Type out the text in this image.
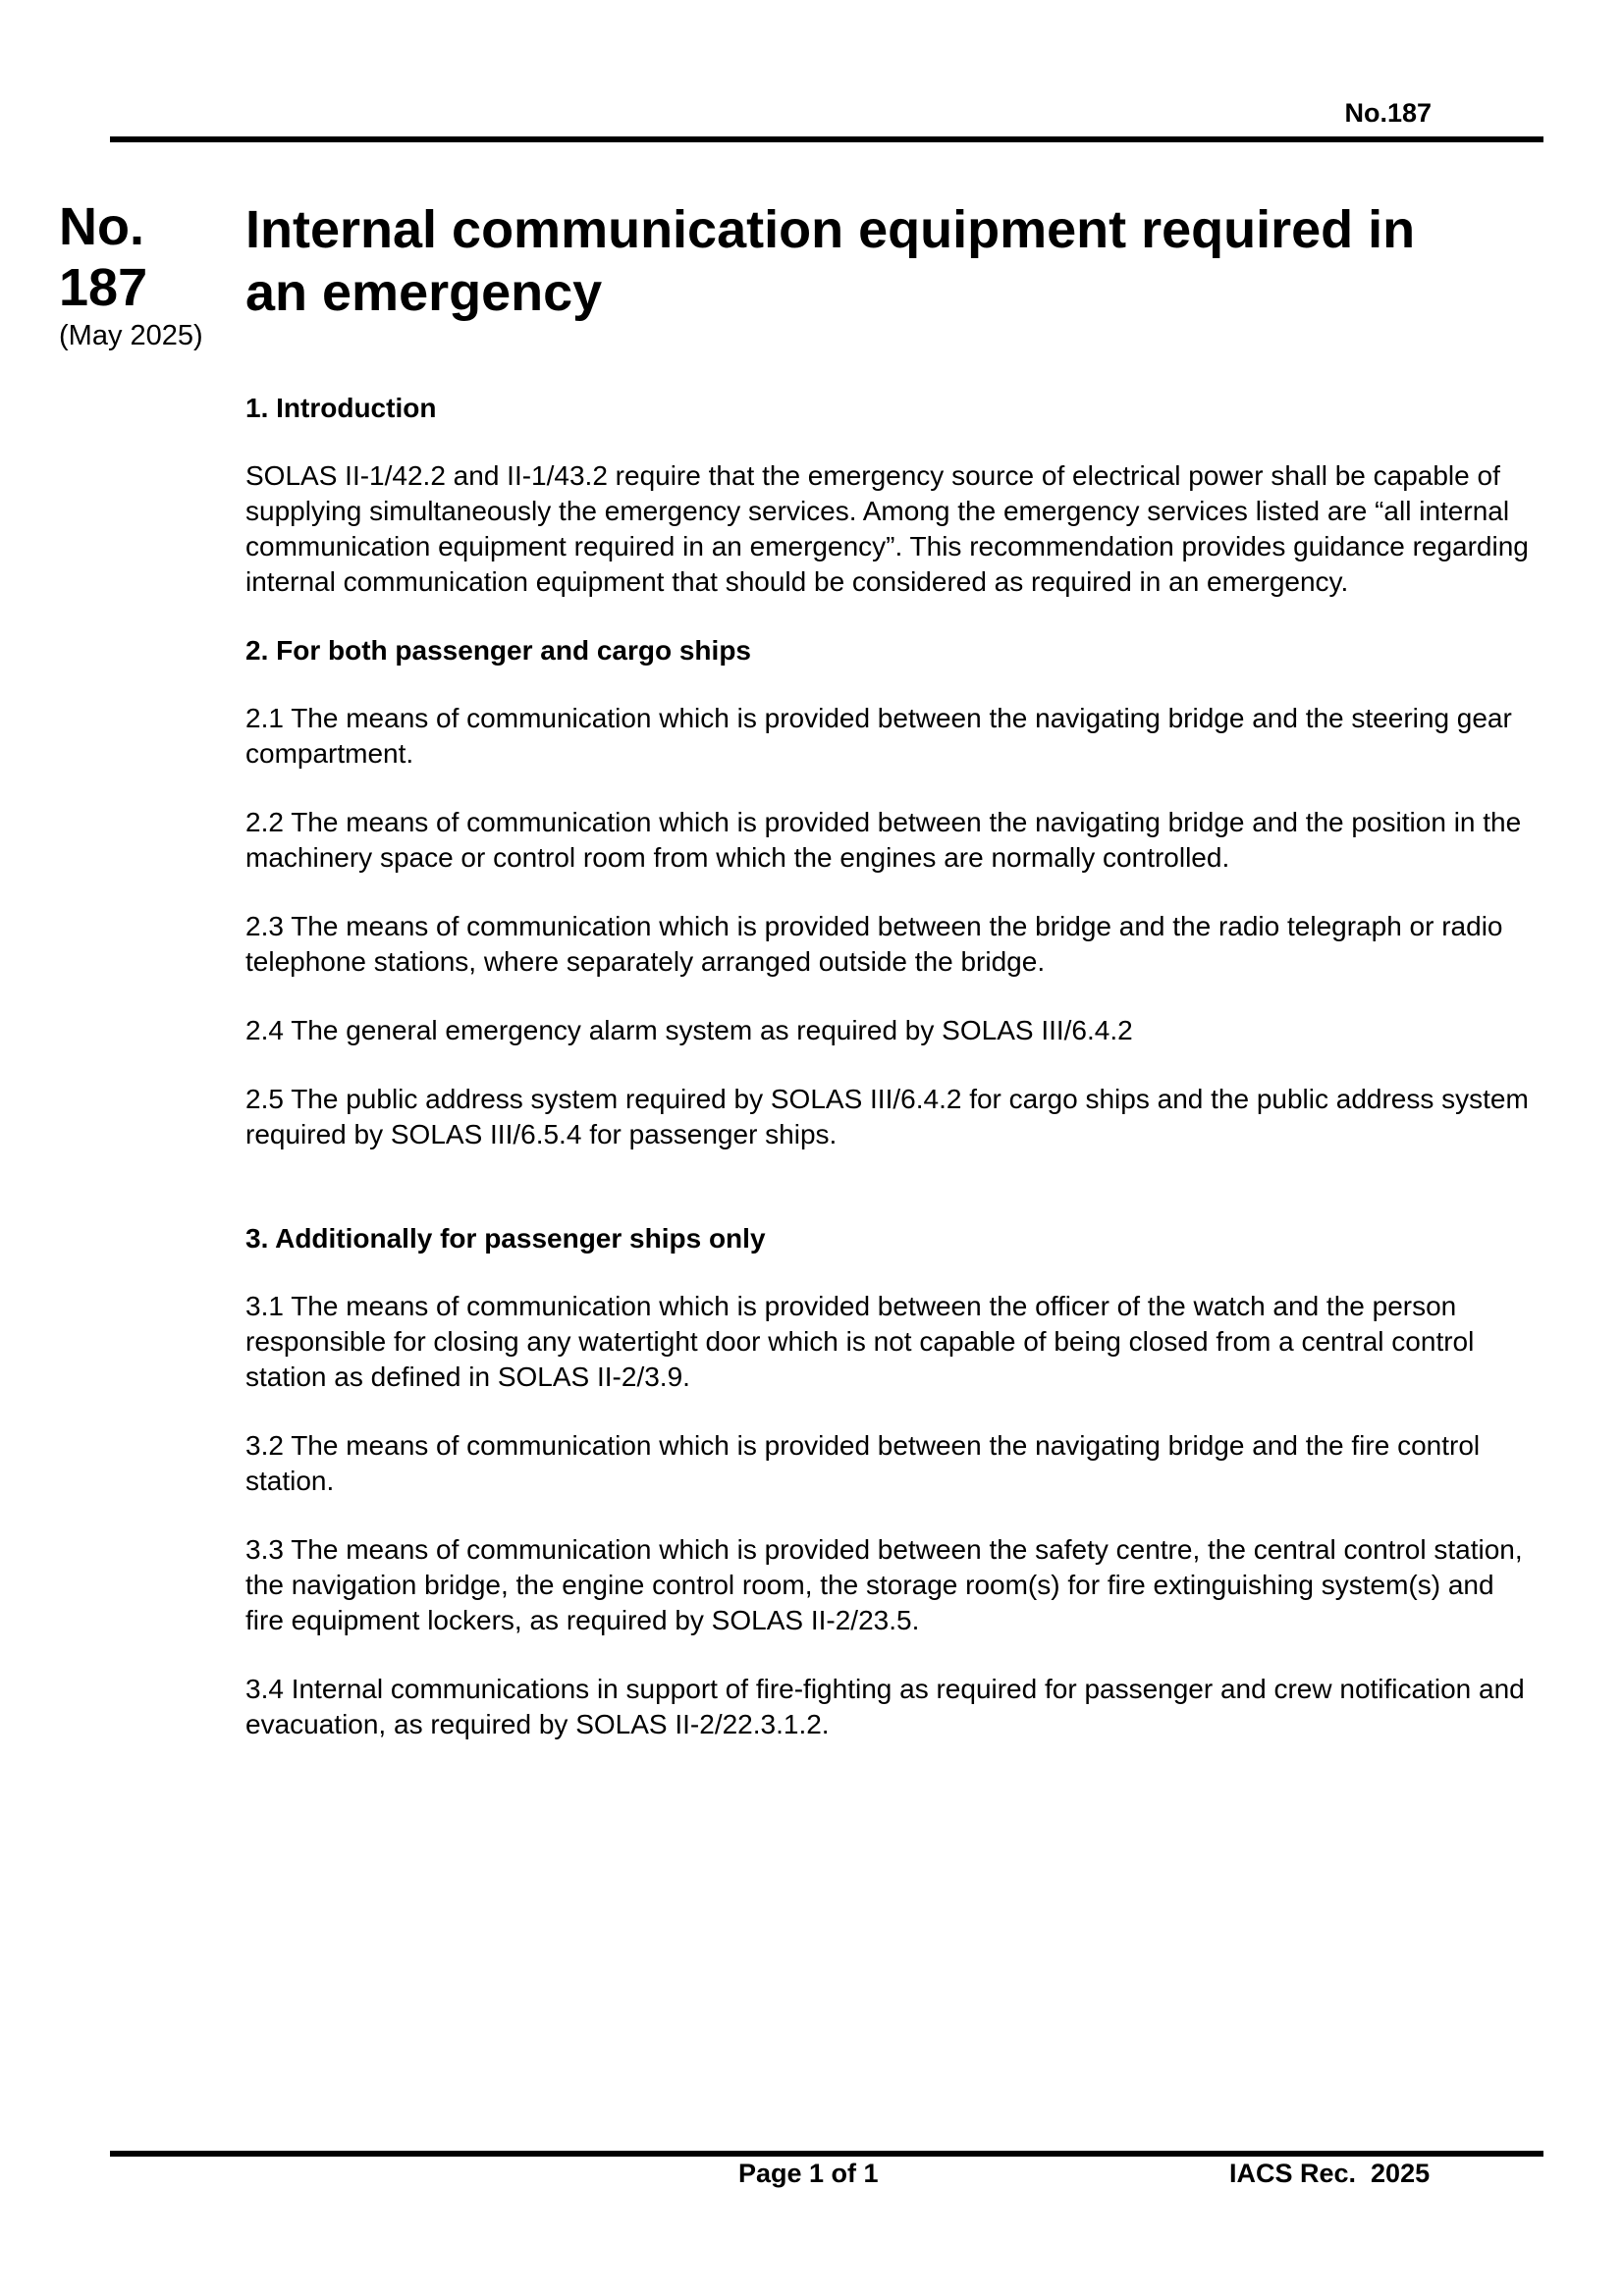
No.187
No.
187
(May 2025)
Internal communication equipment required in
an emergency
1. Introduction

SOLAS II-1/42.2 and II-1/43.2 require that the emergency source of electrical power shall be capable of supplying simultaneously the emergency services. Among the emergency services listed are “all internal communication equipment required in an emergency”. This recommendation provides guidance regarding internal communication equipment that should be considered as required in an emergency.

2. For both passenger and cargo ships

2.1 The means of communication which is provided between the navigating bridge and the steering gear compartment.

2.2 The means of communication which is provided between the navigating bridge and the position in the machinery space or control room from which the engines are normally controlled.

2.3 The means of communication which is provided between the bridge and the radio telegraph or radio telephone stations, where separately arranged outside the bridge.

2.4 The general emergency alarm system as required by SOLAS III/6.4.2

2.5 The public address system required by SOLAS III/6.4.2 for cargo ships and the public address system required by SOLAS III/6.5.4 for passenger ships.

3. Additionally for passenger ships only

3.1 The means of communication which is provided between the officer of the watch and the person responsible for closing any watertight door which is not capable of being closed from a central control station as defined in SOLAS II-2/3.9.

3.2 The means of communication which is provided between the navigating bridge and the fire control station.

3.3 The means of communication which is provided between the safety centre, the central control station, the navigation bridge, the engine control room, the storage room(s) for fire extinguishing system(s) and fire equipment lockers, as required by SOLAS II-2/23.5.

3.4 Internal communications in support of fire-fighting as required for passenger and crew notification and evacuation, as required by SOLAS II-2/22.3.1.2.

Page 1 of 1	IACS Rec.  2025
